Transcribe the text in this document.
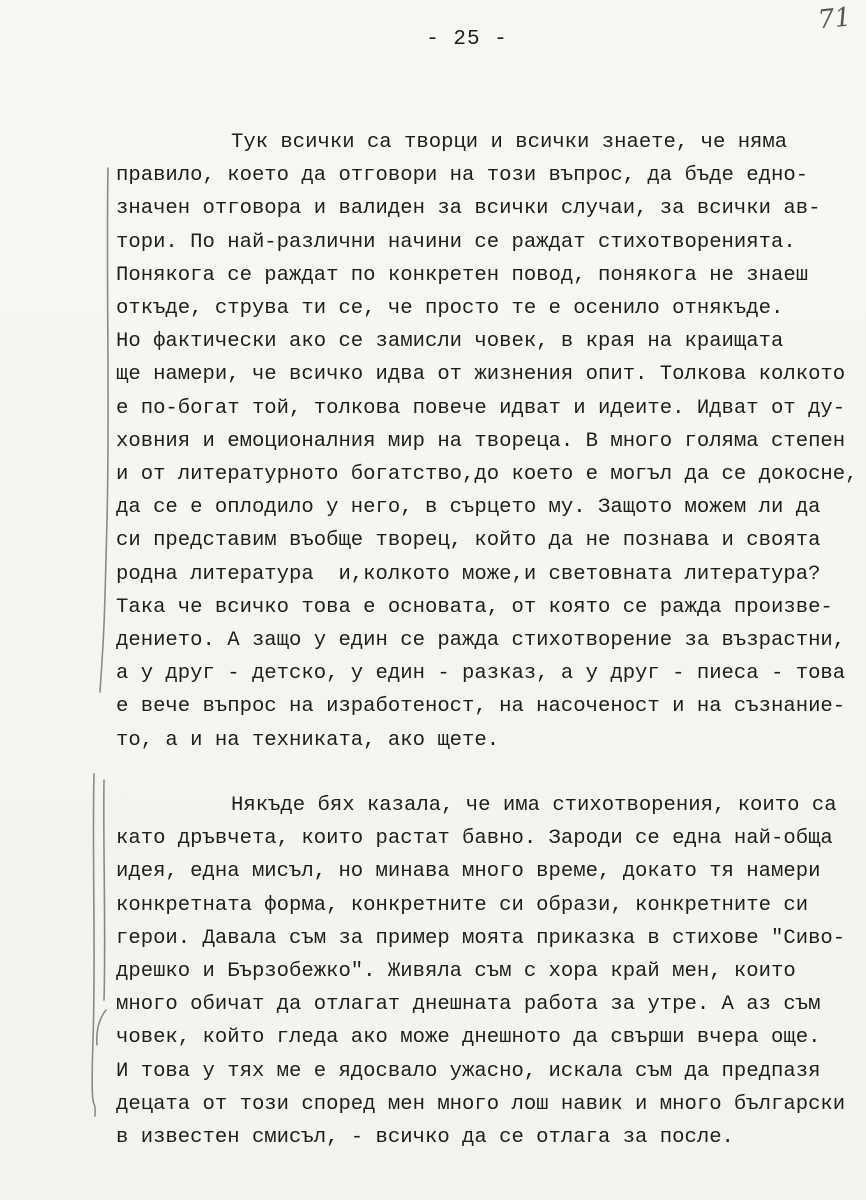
- 25 -
71
Тук всички са творци и всички знаете, че няма
правило, което да отговори на този въпрос, да бъде едно-
значен отговора и валиден за всички случаи, за всички ав-
тори. По най-различни начини се раждат стихотворенията.
Понякога се раждат по конкретен повод, понякога не знаеш
откъде, струва ти се, че просто те е осенило отнякъде.
Но фактически ако се замисли човек, в края на краищата
ще намери, че всичко идва от жизнения опит. Толкова колкото
е по-богат той, толкова повече идват и идеите. Идват от ду-
ховния и емоционалния мир на твореца. В много голяма степен
и от литературното богатство,до което е могъл да се докосне,
да се е оплодило у него, в сърцето му. Защото можем ли да
си представим въобще творец, който да не познава и своята
родна литература  и,колкото може,и световната литература?
Така че всичко това е основата, от която се ражда произве-
дението. А защо у един се ражда стихотворение за възрастни,
а у друг - детско, у един - разказ, а у друг - пиеса - това
е вече въпрос на изработеност, на насоченост и на съзнание-
то, а и на техниката, ако щете.
Някъде бях казала, че има стихотворения, които са
като дръвчета, които растат бавно. Зароди се една най-обща
идея, една мисъл, но минава много време, докато тя намери
конкретната форма, конкретните си образи, конкретните си
герои. Давала съм за пример моята приказка в стихове "Сиво-
дрешко и Бързобежко". Живяла съм с хора край мен, които
много обичат да отлагат днешната работа за утре. А аз съм
човек, който гледа ако може днешното да свърши вчера още.
И това у тях ме е ядосвало ужасно, искала съм да предпазя
децата от този според мен много лош навик и много български
в известен смисъл, - всичко да се отлага за после.
